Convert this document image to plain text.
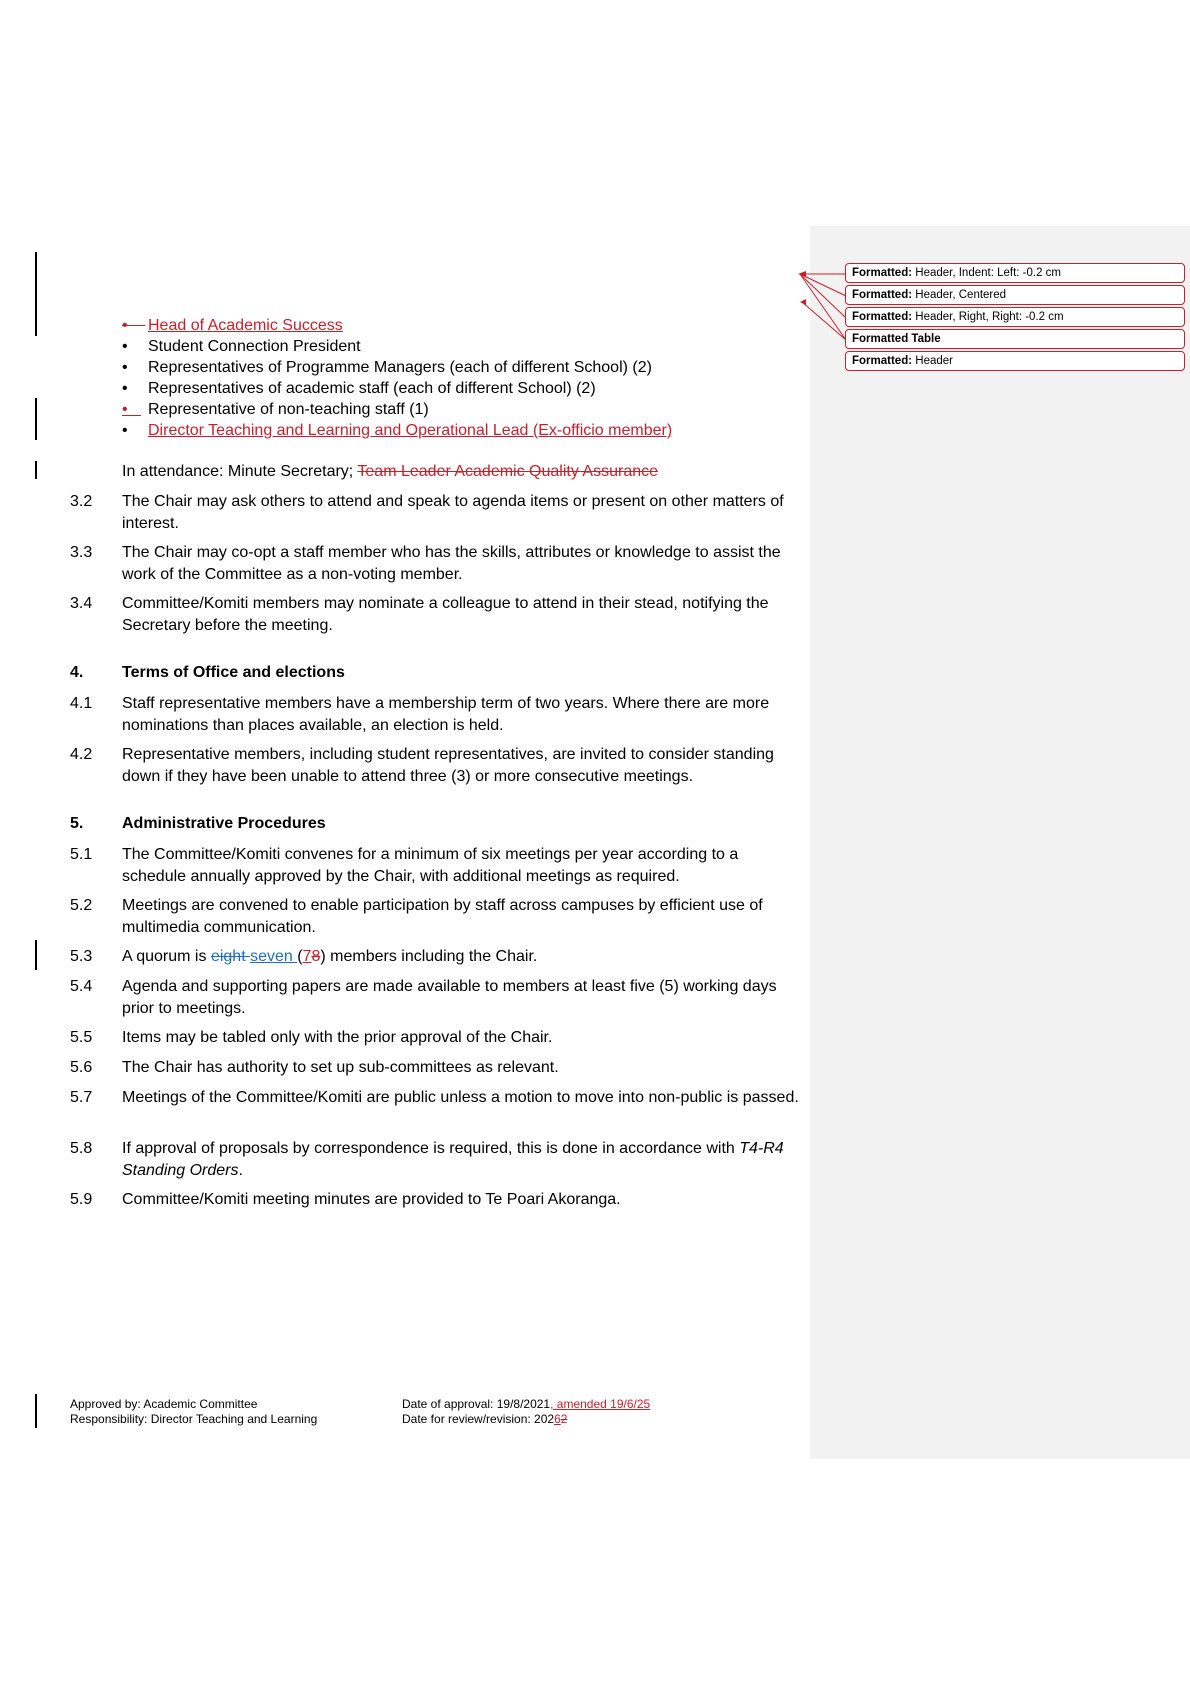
Formatted: Header, Indent: Left: -0.2 cm
Formatted: Header, Centered
Formatted: Header, Right, Right: -0.2 cm
Formatted Table
Formatted: Header
•    Head of Academic Success
• Student Connection President
• Representatives of Programme Managers (each of different School) (2)
• Representatives of academic staff (each of different School) (2)
•   Representative of non-teaching staff (1)
• Director Teaching and Learning and Operational Lead (Ex-officio member)
In attendance: Minute Secretary; Team Leader Academic Quality Assurance
3.2	The Chair may ask others to attend and speak to agenda items or present on other matters of interest.
3.3	The Chair may co-opt a staff member who has the skills, attributes or knowledge to assist the work of the Committee as a non-voting member.
3.4	Committee/Komiti members may nominate a colleague to attend in their stead, notifying the Secretary before the meeting.
4. Terms of Office and elections
4.1	Staff representative members have a membership term of two years. Where there are more nominations than places available, an election is held.
4.2	Representative members, including student representatives, are invited to consider standing down if they have been unable to attend three (3) or more consecutive meetings.
5. Administrative Procedures
5.1	The Committee/Komiti convenes for a minimum of six meetings per year according to a schedule annually approved by the Chair, with additional meetings as required.
5.2	Meetings are convened to enable participation by staff across campuses by efficient use of multimedia communication.
5.3	A quorum is eight seven (78) members including the Chair.
5.4	Agenda and supporting papers are made available to members at least five (5) working days prior to meetings.
5.5	Items may be tabled only with the prior approval of the Chair.
5.6	The Chair has authority to set up sub-committees as relevant.
5.7	Meetings of the Committee/Komiti are public unless a motion to move into non-public is passed.
5.8	If approval of proposals by correspondence is required, this is done in accordance with T4-R4 Standing Orders.
5.9	Committee/Komiti meeting minutes are provided to Te Poari Akoranga.
Approved by: Academic Committee
Responsibility: Director Teaching and Learning
Date of approval: 19/8/2021, amended 19/6/25
Date for review/revision: 20262
